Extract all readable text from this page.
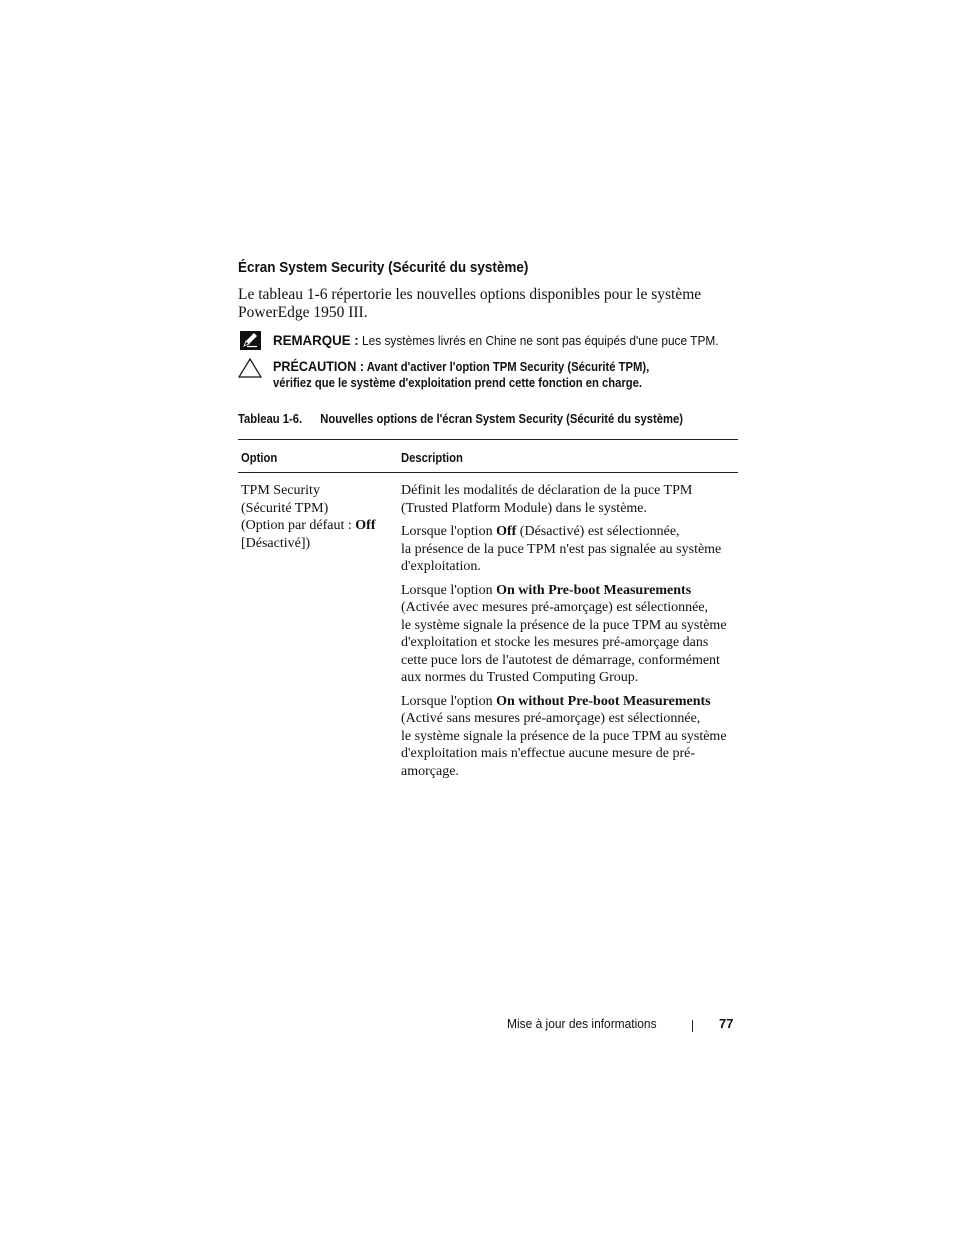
Écran System Security (Sécurité du système)
Le tableau 1-6 répertorie les nouvelles options disponibles pour le système
PowerEdge 1950 III.
REMARQUE : Les systèmes livrés en Chine ne sont pas équipés d'une puce TPM.
PRÉCAUTION : Avant d'activer l'option TPM Security (Sécurité TPM),
vérifiez que le système d'exploitation prend cette fonction en charge.
Tableau 1-6. Nouvelles options de l'écran System Security (Sécurité du système)
Option	Description
TPM Security
(Sécurité TPM)
(Option par défaut : Off
[Désactivé])

Définit les modalités de déclaration de la puce TPM
(Trusted Platform Module) dans le système.

Lorsque l'option Off (Désactivé) est sélectionnée,
la présence de la puce TPM n'est pas signalée au système
d'exploitation.

Lorsque l'option On with Pre-boot Measurements
(Activée avec mesures pré-amorçage) est sélectionnée,
le système signale la présence de la puce TPM au système
d'exploitation et stocke les mesures pré-amorçage dans
cette puce lors de l'autotest de démarrage, conformément
aux normes du Trusted Computing Group.

Lorsque l'option On without Pre-boot Measurements
(Activé sans mesures pré-amorçage) est sélectionnée,
le système signale la présence de la puce TPM au système
d'exploitation mais n'effectue aucune mesure de pré-
amorçage.

Mise à jour des informations	77
